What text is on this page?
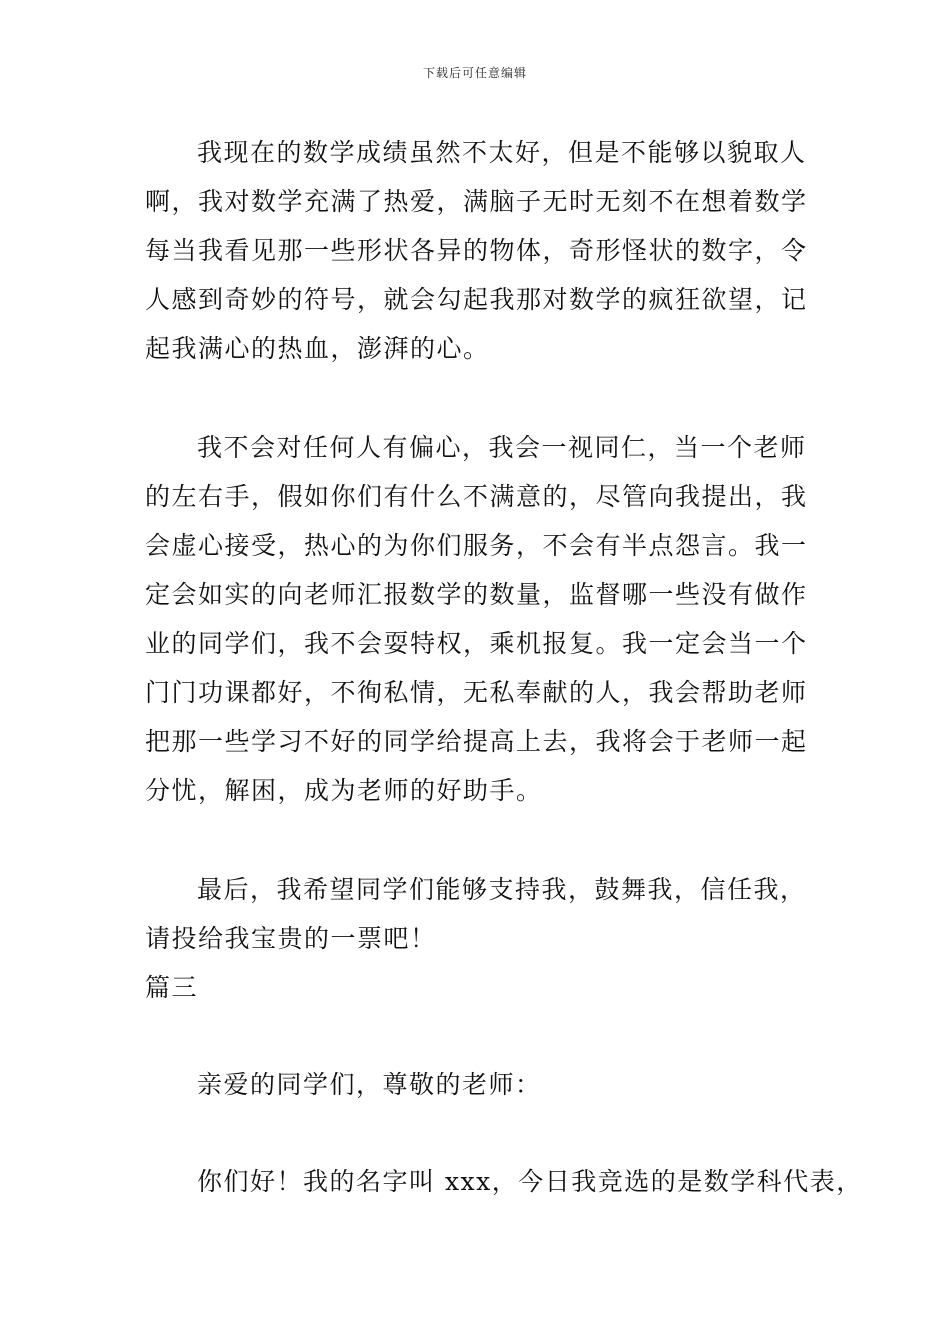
下载后可任意编辑

我现在的数学成绩虽然不太好，但是不能够以貌取人
啊，我对数学充满了热爱，满脑子无时无刻不在想着数学
每当我看见那一些形状各异的物体，奇形怪状的数字，令
人感到奇妙的符号，就会勾起我那对数学的疯狂欲望，记
起我满心的热血，澎湃的心。

我不会对任何人有偏心，我会一视同仁，当一个老师
的左右手，假如你们有什么不满意的，尽管向我提出，我
会虚心接受，热心的为你们服务，不会有半点怨言。我一
定会如实的向老师汇报数学的数量，监督哪一些没有做作
业的同学们，我不会耍特权，乘机报复。我一定会当一个
门门功课都好，不徇私情，无私奉献的人，我会帮助老师
把那一些学习不好的同学给提高上去，我将会于老师一起
分忧，解困，成为老师的好助手。

最后，我希望同学们能够支持我，鼓舞我，信任我，
请投给我宝贵的一票吧！

篇三

亲爱的同学们，尊敬的老师：

你们好！我的名字叫 xxx，今日我竞选的是数学科代表，
